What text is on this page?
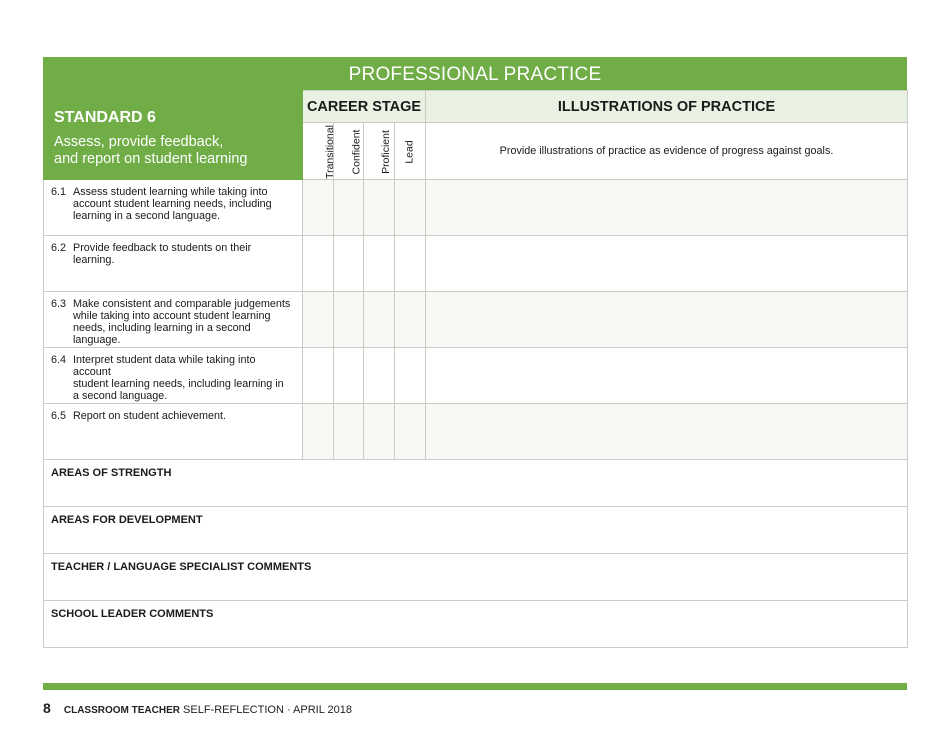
PROFESSIONAL PRACTICE
STANDARD 6
Assess, provide feedback,
and report on student learning	CAREER STAGE				ILLUSTRATIONS OF PRACTICE
	Transitional	Confident	Proficient	Lead	Provide illustrations of practice as evidence of progress against goals.

6.1 Assess student learning while taking into
account student learning needs, including
learning in a second language.					

6.2 Provide feedback to students on their learning.					

6.3 Make consistent and comparable judgements
while taking into account student learning
needs, including learning in a second language.					

6.4 Interpret student data while taking into account
student learning needs, including learning in
a second language.					

6.5 Report on student achievement.					

AREAS OF STRENGTH					
AREAS FOR DEVELOPMENT					
TEACHER / LANGUAGE SPECIALIST COMMENTS					
SCHOOL LEADER COMMENTS					
8 CLASSROOM TEACHER SELF-REFLECTION · APRIL 2018
